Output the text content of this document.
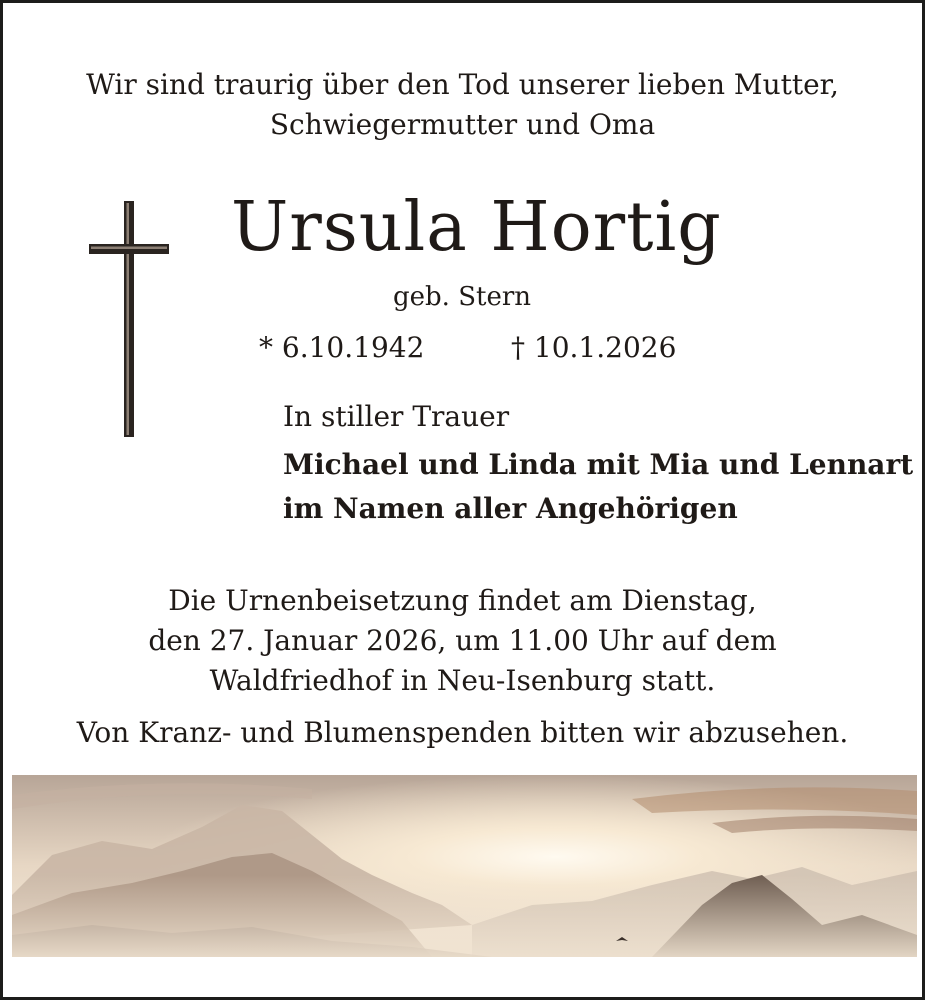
Wir sind traurig über den Tod unserer lieben Mutter,
Schwiegermutter und Oma
Ursula Hortig
geb. Stern
* 6.10.1942	† 10.1.2026
In stiller Trauer
Michael und Linda mit Mia und Lennart
im Namen aller Angehörigen
Die Urnenbeisetzung findet am Dienstag,
den 27. Januar 2026, um 11.00 Uhr auf dem
Waldfriedhof in Neu-Isenburg statt.
Von Kranz- und Blumenspenden bitten wir abzusehen.
